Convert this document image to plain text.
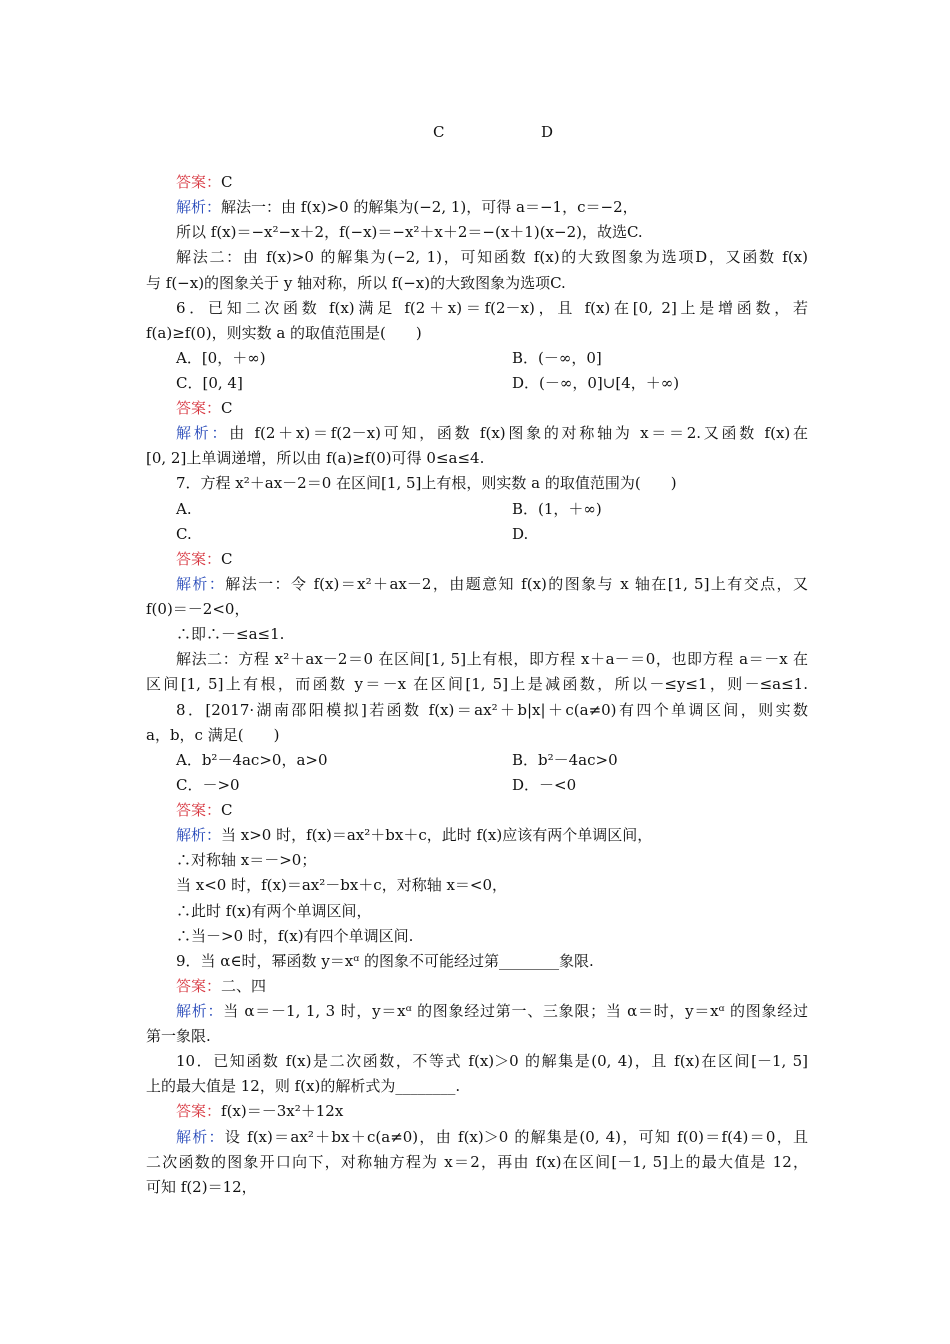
C	D
答案：C
解析：解法一：由 f(x)>0 的解集为(−2, 1)，可得 a＝−1，c＝−2，
所以 f(x)＝−x²−x＋2，f(−x)＝−x²＋x＋2＝−(x＋1)(x−2)，故选C.
解法二：由 f(x)>0 的解集为(−2, 1)，可知函数 f(x)的大致图象为选项D，又函数 f(x)
与 f(−x)的图象关于 y 轴对称，所以 f(−x)的大致图象为选项C.
6．已知二次函数 f(x)满足 f(2＋x)＝f(2－x)，且 f(x)在[0, 2]上是增函数，若
f(a)≥f(0)，则实数 a 的取值范围是(　　)
A．[0，＋∞)	B．(－∞，0]
C．[0, 4]	D．(－∞，0]∪[4，＋∞)
答案：C
解析：由 f(2＋x)＝f(2－x)可知，函数 f(x)图象的对称轴为 x＝＝2.又函数 f(x)在
[0, 2]上单调递增，所以由 f(a)≥f(0)可得 0≤a≤4.
7．方程 x²＋ax－2＝0 在区间[1, 5]上有根，则实数 a 的取值范围为(　　)
A.	B．(1，＋∞)
C.	D.
答案：C
解析：解法一：令 f(x)＝x²＋ax－2，由题意知 f(x)的图象与 x 轴在[1, 5]上有交点，又
f(0)＝－2<0，
∴即∴－≤a≤1.
解法二：方程 x²＋ax－2＝0 在区间[1, 5]上有根，即方程 x＋a－＝0，也即方程 a＝－x 在
区间[1, 5]上有根，而函数 y＝－x 在区间[1, 5]上是减函数，所以－≤y≤1，则－≤a≤1.
8．[2017·湖南邵阳模拟]若函数 f(x)＝ax²＋b|x|＋c(a≠0)有四个单调区间，则实数
a，b，c 满足(　　)
A．b²－4ac>0，a>0	B．b²－4ac>0
C．－>0	D．－<0
答案：C
解析：当 x>0 时，f(x)＝ax²＋bx＋c，此时 f(x)应该有两个单调区间，
∴对称轴 x＝－>0；
当 x<0 时，f(x)＝ax²－bx＋c，对称轴 x＝<0，
∴此时 f(x)有两个单调区间，
∴当－>0 时，f(x)有四个单调区间.
9．当 α∈时，幂函数 y＝xᵅ 的图象不可能经过第________象限.
答案：二、四
解析：当 α＝－1, 1, 3 时，y＝xᵅ 的图象经过第一、三象限；当 α＝时，y＝xᵅ 的图象经过
第一象限.
10．已知函数 f(x)是二次函数，不等式 f(x)＞0 的解集是(0, 4)，且 f(x)在区间[－1, 5]
上的最大值是 12，则 f(x)的解析式为________.
答案：f(x)＝－3x²＋12x
解析：设 f(x)＝ax²＋bx＋c(a≠0)，由 f(x)＞0 的解集是(0, 4)，可知 f(0)＝f(4)＝0，且
二次函数的图象开口向下，对称轴方程为 x＝2，再由 f(x)在区间[－1, 5]上的最大值是 12，
可知 f(2)＝12，
